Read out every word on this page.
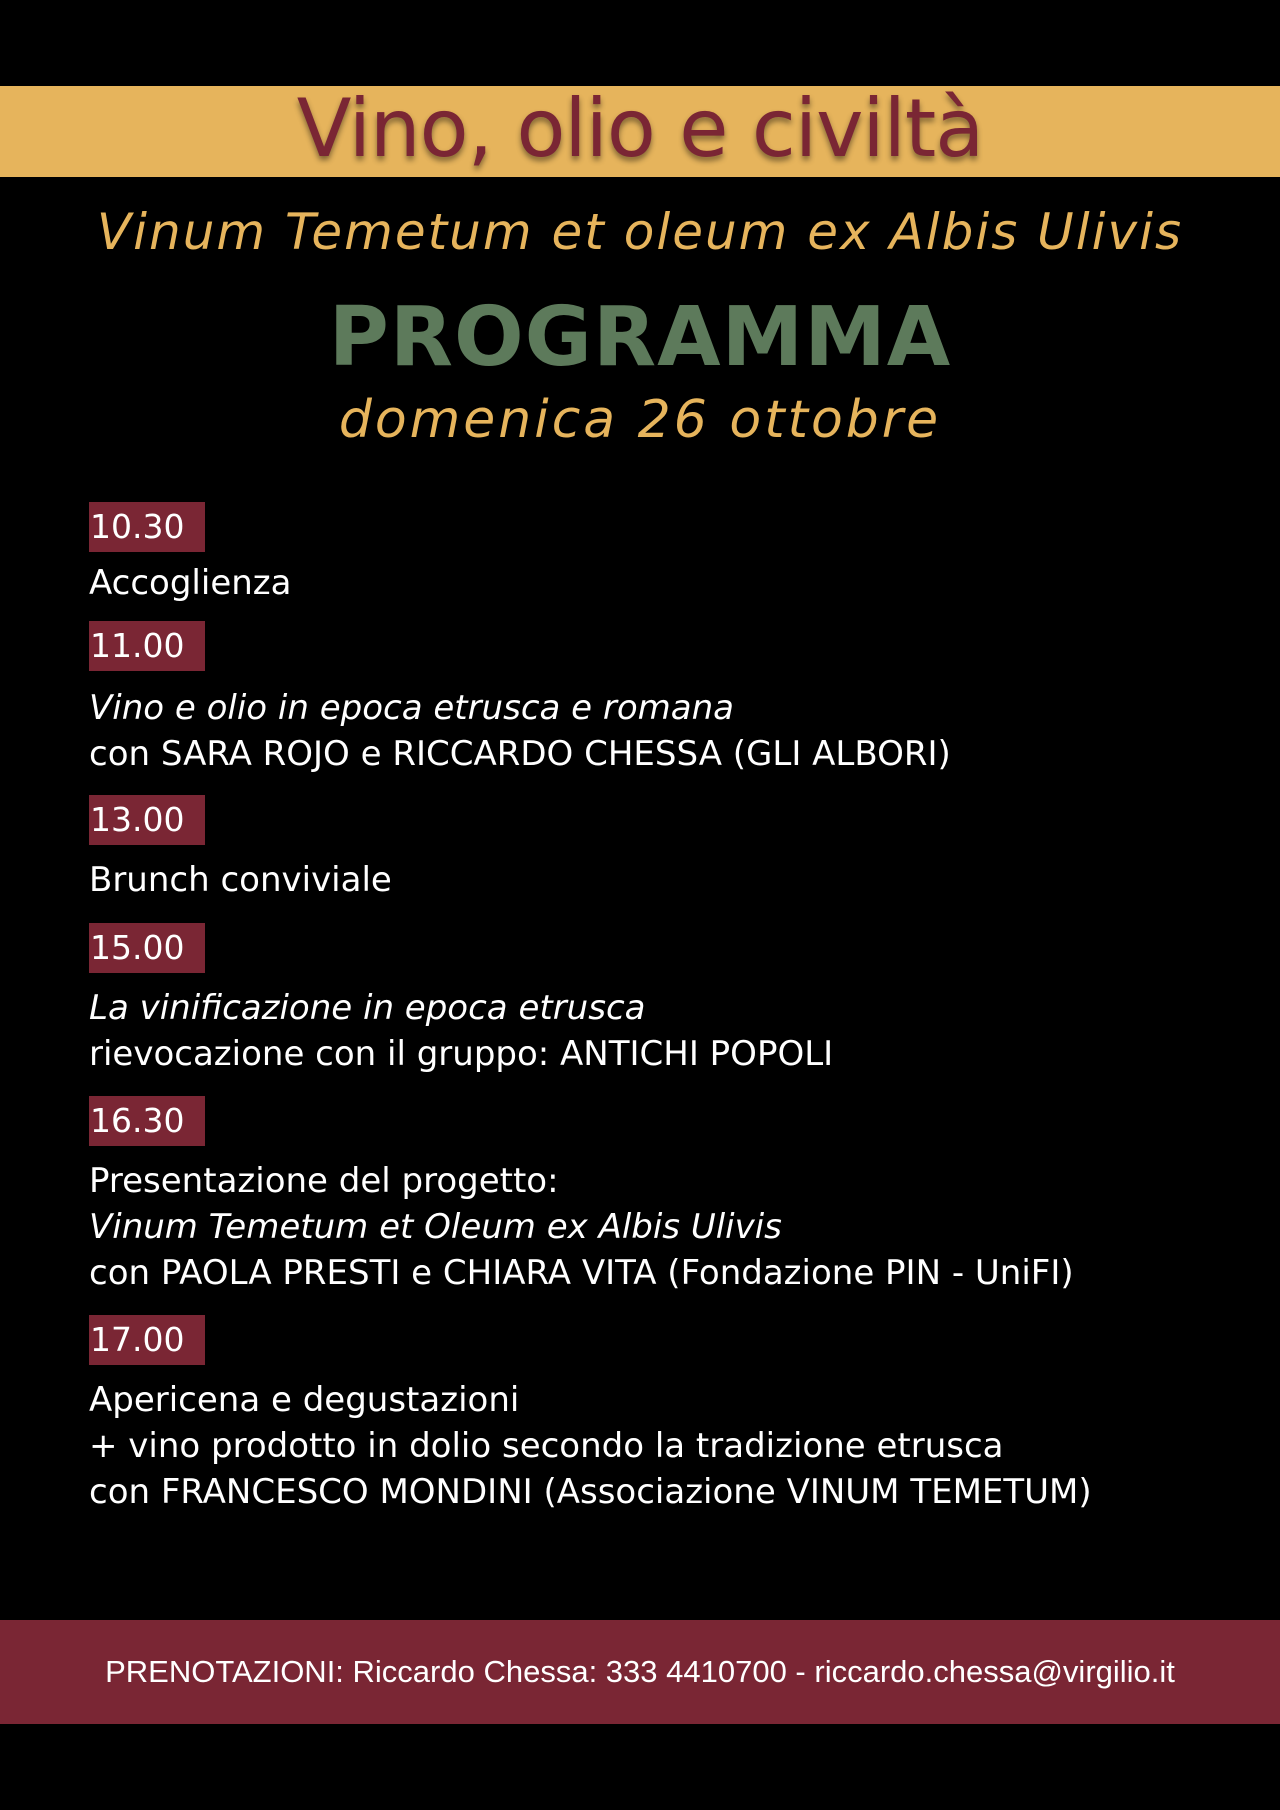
Vino, olio e civiltà
Vinum Temetum et oleum ex Albis Ulivis
PROGRAMMA
domenica 26 ottobre
10.30
Accoglienza
11.00
Vino e olio in epoca etrusca e romana
con SARA ROJO e RICCARDO CHESSA (GLI ALBORI)
13.00
Brunch conviviale
15.00
La vinificazione in epoca etrusca
rievocazione con il gruppo: ANTICHI POPOLI
16.30
Presentazione del progetto:
Vinum Temetum et Oleum ex Albis Ulivis
con PAOLA PRESTI e CHIARA VITA (Fondazione PIN - UniFI)
17.00
Apericena e degustazioni
+ vino prodotto in dolio secondo la tradizione etrusca
con FRANCESCO MONDINI (Associazione VINUM TEMETUM)
PRENOTAZIONI: Riccardo Chessa: 333 4410700 - riccardo.chessa@virgilio.it
